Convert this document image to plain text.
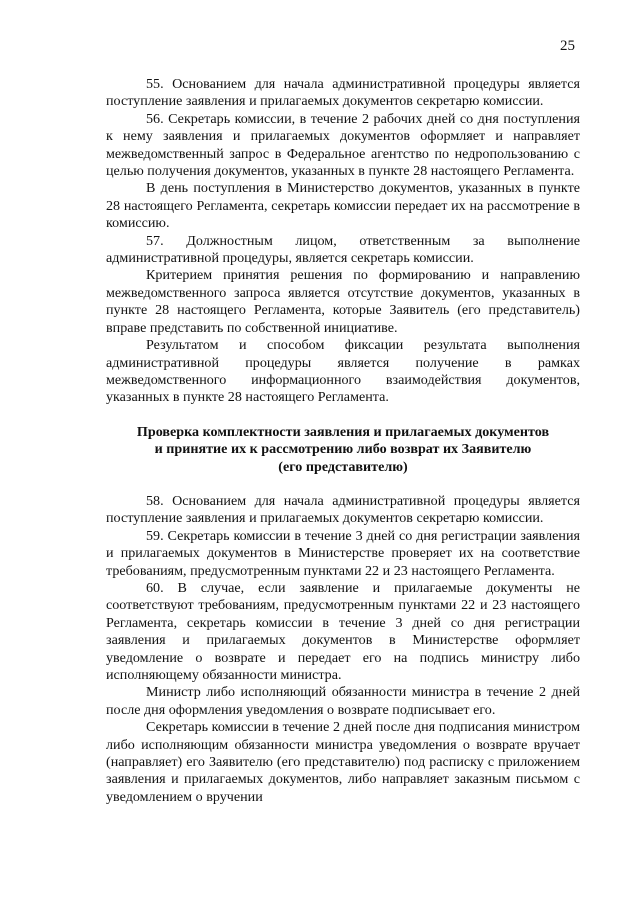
25

55. Основанием для начала административной процедуры является поступление заявления и прилагаемых документов секретарю комиссии.

56. Секретарь комиссии, в течение 2 рабочих дней со дня поступления к нему заявления и прилагаемых документов оформляет и направляет межведомственный запрос в Федеральное агентство по недропользованию с целью получения документов, указанных в пункте 28 настоящего Регламента.

В день поступления в Министерство документов, указанных в пункте 28 настоящего Регламента, секретарь комиссии передает их на рассмотрение в комиссию.

57. Должностным лицом, ответственным за выполнение административной процедуры, является секретарь комиссии.

Критерием принятия решения по формированию и направлению межведомственного запроса является отсутствие документов, указанных в пункте 28 настоящего Регламента, которые Заявитель (его представитель) вправе представить по собственной инициативе.

Результатом и способом фиксации результата выполнения административной процедуры является получение в рамках межведомственного информационного взаимодействия документов, указанных в пункте 28 настоящего Регламента.

Проверка комплектности заявления и прилагаемых документов
и принятие их к рассмотрению либо возврат их Заявителю
(его представителю)

58. Основанием для начала административной процедуры является поступление заявления и прилагаемых документов секретарю комиссии.

59. Секретарь комиссии в течение 3 дней со дня регистрации заявления и прилагаемых документов в Министерстве проверяет их на соответствие требованиям, предусмотренным пунктами 22 и 23 настоящего Регламента.

60. В случае, если заявление и прилагаемые документы не соответствуют требованиям, предусмотренным пунктами 22 и 23 настоящего Регламента, секретарь комиссии в течение 3 дней со дня регистрации заявления и прилагаемых документов в Министерстве оформляет уведомление о возврате и передает его на подпись министру либо исполняющему обязанности министра.

Министр либо исполняющий обязанности министра в течение 2 дней после дня оформления уведомления о возврате подписывает его.

Секретарь комиссии в течение 2 дней после дня подписания министром либо исполняющим обязанности министра уведомления о возврате вручает (направляет) его Заявителю (его представителю) под расписку с приложением заявления и прилагаемых документов, либо направляет заказным письмом с уведомлением о вручении
